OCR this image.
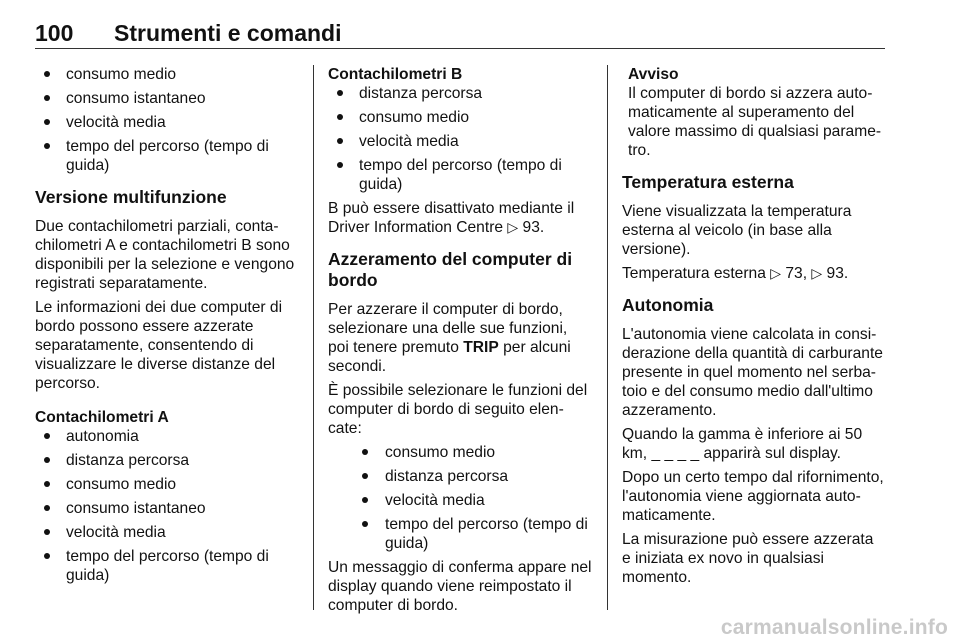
100 Strumenti e comandi
consumo medio
consumo istantaneo
velocità media
tempo del percorso (tempo di guida)
Versione multifunzione

Due contachilometri parziali, contachilometri A e contachilometri B sono disponibili per la selezione e vengono registrati separatamente.

Le informazioni dei due computer di bordo possono essere azzerate separatamente, consentendo di visualizzare le diverse distanze del percorso.

Contachilometri A
autonomia
distanza percorsa
consumo medio
consumo istantaneo
velocità media
tempo del percorso (tempo di guida)
Contachilometri B
distanza percorsa
consumo medio
velocità media
tempo del percorso (tempo di guida)

B può essere disattivato mediante il Driver Information Centre ▷ 93.

Azzeramento del computer di bordo

Per azzerare il computer di bordo, selezionare una delle sue funzioni, poi tenere premuto TRIP per alcuni secondi.

È possibile selezionare le funzioni del computer di bordo di seguito elencate:

consumo medio
distanza percorsa
velocità media
tempo del percorso (tempo di guida)

Un messaggio di conferma appare nel display quando viene reimpostato il computer di bordo.

Avviso

Il computer di bordo si azzera automaticamente al superamento del valore massimo di qualsiasi parametro.

Temperatura esterna

Viene visualizzata la temperatura esterna al veicolo (in base alla versione).

Temperatura esterna ▷ 73, ▷ 93.

Autonomia

L'autonomia viene calcolata in considerazione della quantità di carburante presente in quel momento nel serbatoio e del consumo medio dall'ultimo azzeramento.

Quando la gamma è inferiore ai 50 km, _ _ _ _ apparirà sul display.

Dopo un certo tempo dal rifornimento, l'autonomia viene aggiornata automaticamente.

La misurazione può essere azzerata e iniziata ex novo in qualsiasi momento.

carmanualsonline.info
